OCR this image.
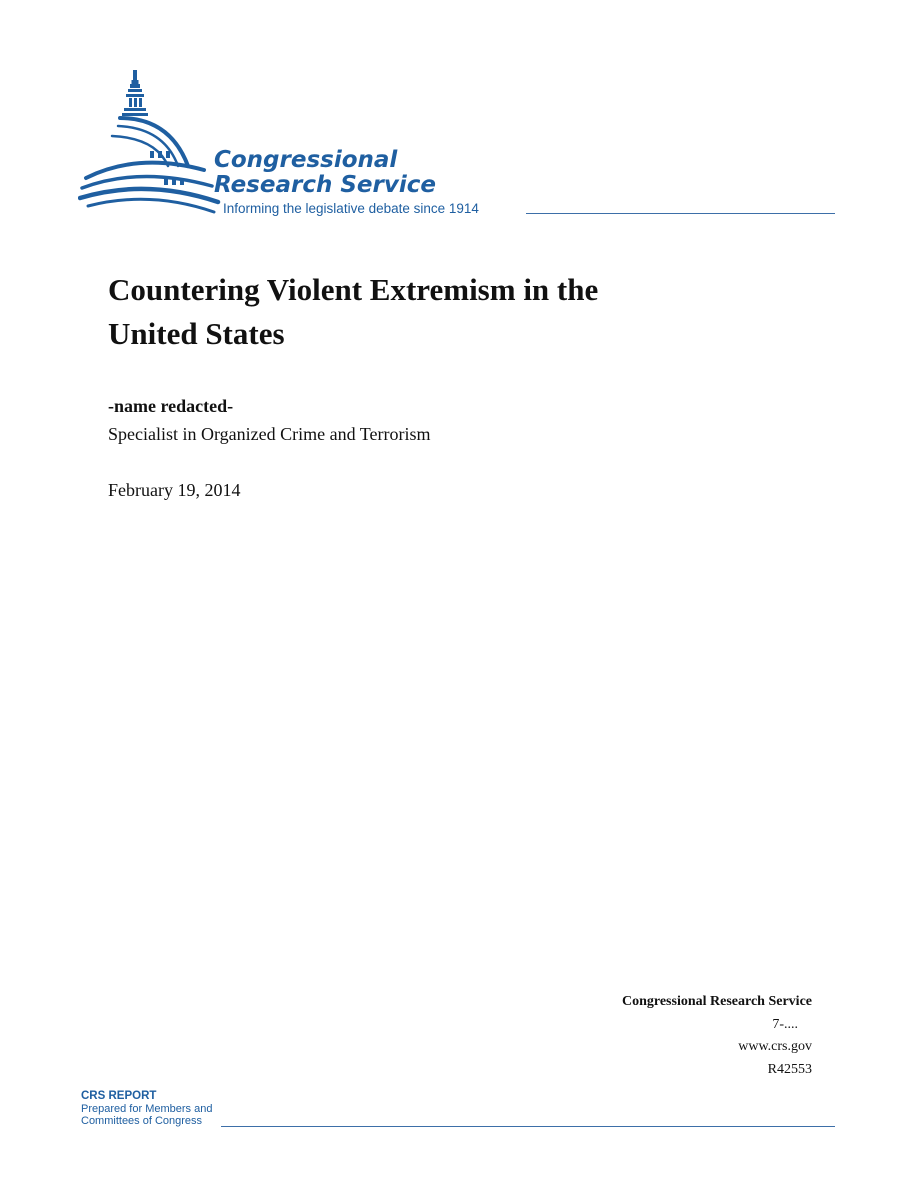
Congressional
Research Service
Informing the legislative debate since 1914
Countering Violent Extremism in the
United States
-name redacted-
Specialist in Organized Crime and Terrorism
February 19, 2014
Congressional Research Service
7-....
www.crs.gov
R42553
CRS REPORT
Prepared for Members and
Committees of Congress
